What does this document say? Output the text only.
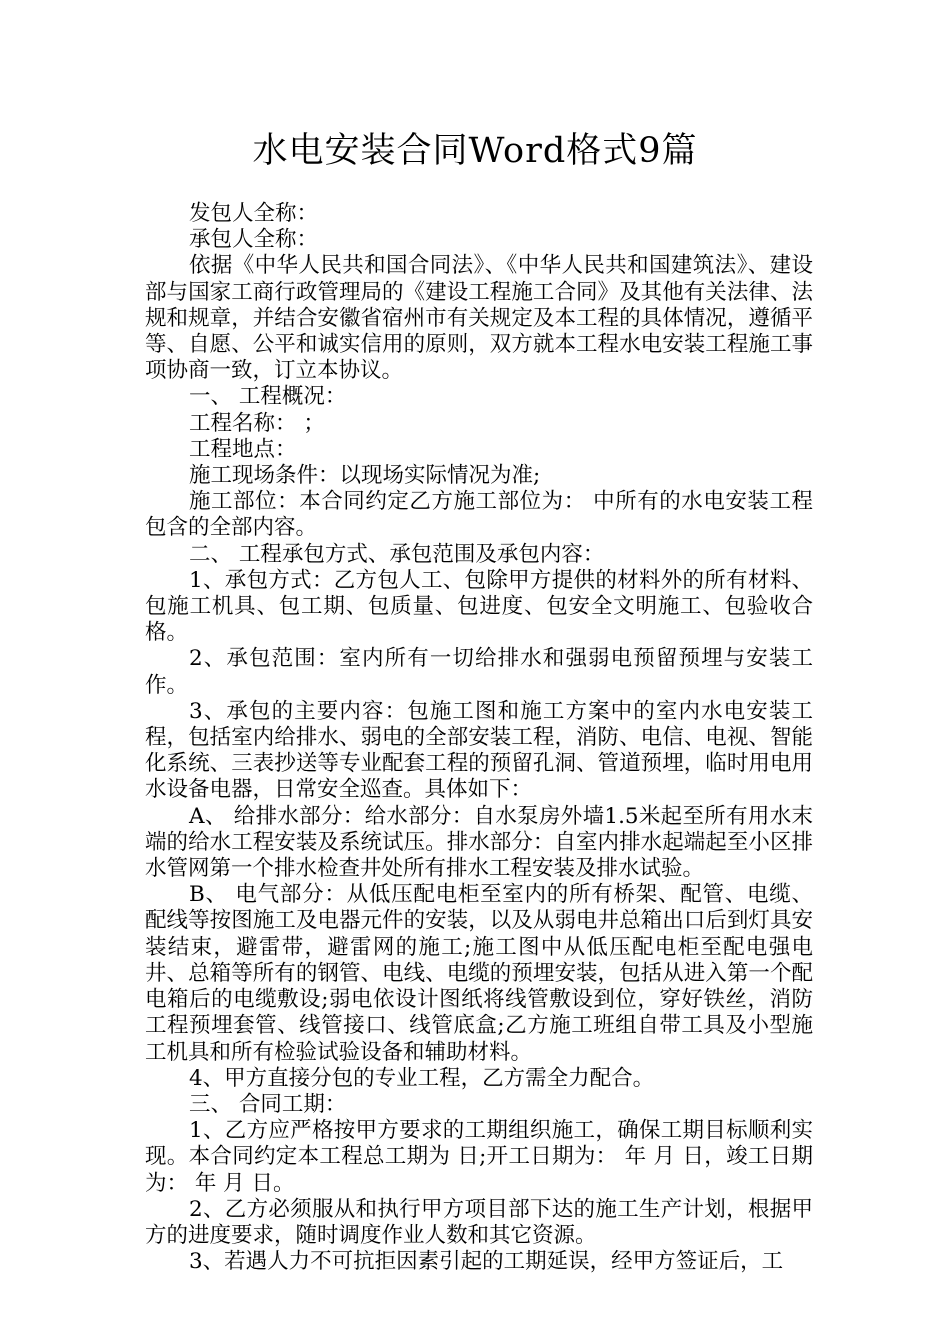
水电安装合同Word格式9篇

发包人全称：

承包人全称：

依据《中华人民共和国合同法》、《中华人民共和国建筑法》、建设部与国家工商行政管理局的《建设工程施工合同》及其他有关法律、法规和规章，并结合安徽省宿州市有关规定及本工程的具体情况，遵循平等、自愿、公平和诚实信用的原则，双方就本工程水电安装工程施工事项协商一致，订立本协议。

一、 工程概况：

工程名称： ；

工程地点：

施工现场条件：以现场实际情况为准;

施工部位：本合同约定乙方施工部位为： 中所有的水电安装工程包含的全部内容。

二、 工程承包方式、承包范围及承包内容：

1、承包方式：乙方包人工、包除甲方提供的材料外的所有材料、包施工机具、包工期、包质量、包进度、包安全文明施工、包验收合格。

2、承包范围：室内所有一切给排水和强弱电预留预埋与安装工作。

3、承包的主要内容：包施工图和施工方案中的室内水电安装工程，包括室内给排水、弱电的全部安装工程，消防、电信、电视、智能化系统、三表抄送等专业配套工程的预留孔洞、管道预埋，临时用电用水设备电器，日常安全巡查。具体如下：

A、 给排水部分：给水部分：自水泵房外墙1.5米起至所有用水末端的给水工程安装及系统试压。排水部分：自室内排水起端起至小区排水管网第一个排水检查井处所有排水工程安装及排水试验。

B、 电气部分：从低压配电柜至室内的所有桥架、配管、电缆、配线等按图施工及电器元件的安装，以及从弱电井总箱出口后到灯具安装结束，避雷带，避雷网的施工;施工图中从低压配电柜至配电强电井、总箱等所有的钢管、电线、电缆的预埋安装，包括从进入第一个配电箱后的电缆敷设;弱电依设计图纸将线管敷设到位，穿好铁丝，消防工程预埋套管、线管接口、线管底盒;乙方施工班组自带工具及小型施工机具和所有检验试验设备和辅助材料。

4、甲方直接分包的专业工程，乙方需全力配合。

三、 合同工期：

1、乙方应严格按甲方要求的工期组织施工，确保工期目标顺利实现。本合同约定本工程总工期为 日;开工日期为： 年 月 日，竣工日期为： 年 月 日。

2、乙方必须服从和执行甲方项目部下达的施工生产计划，根据甲方的进度要求，随时调度作业人数和其它资源。

3、若遇人力不可抗拒因素引起的工期延误，经甲方签证后，工
